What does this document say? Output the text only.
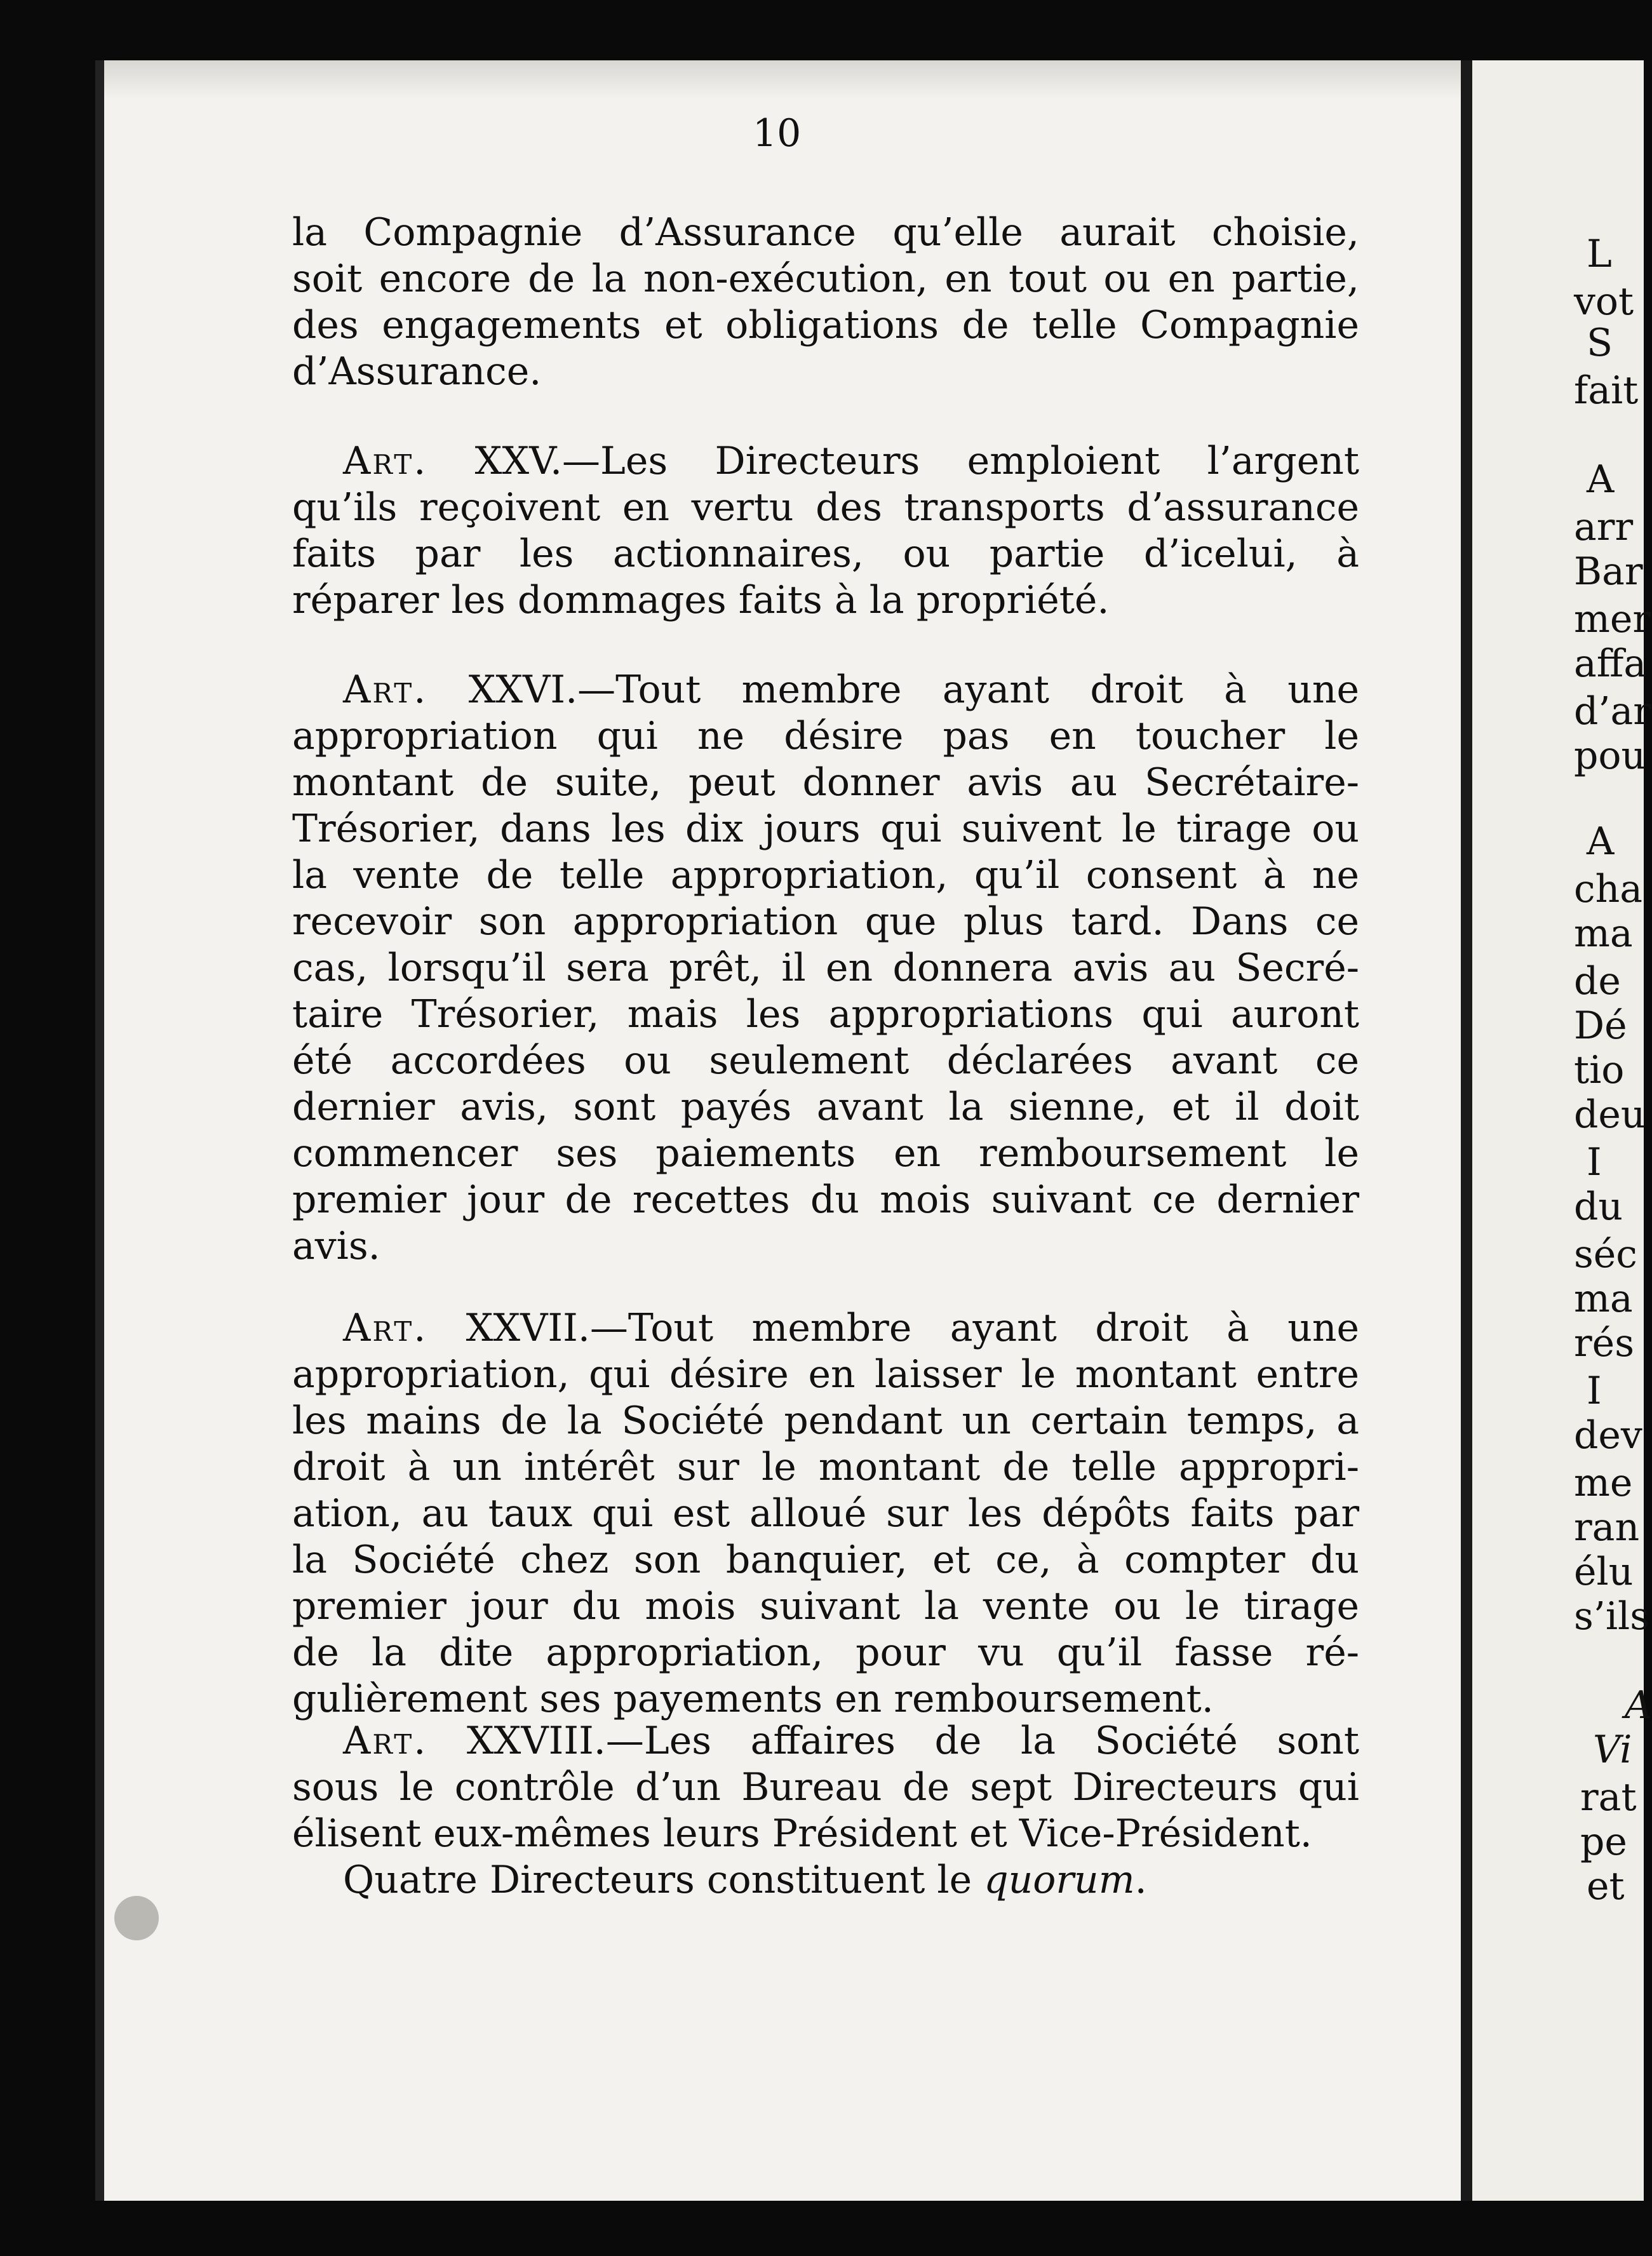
10
la Compagnie d’Assurance qu’elle aurait choisie,
soit encore de la non-exécution, en tout ou en partie,
des engagements et obligations de telle Compagnie
d’Assurance.
Art. XXV.—Les Directeurs emploient l’argent
qu’ils reçoivent en vertu des transports d’assurance
faits par les actionnaires, ou partie d’icelui, à
réparer les dommages faits à la propriété.
Art. XXVI.—Tout membre ayant droit à une
appropriation qui ne désire pas en toucher le
montant de suite, peut donner avis au Secrétaire-
Trésorier, dans les dix jours qui suivent le tirage ou
la vente de telle appropriation, qu’il consent à ne
recevoir son appropriation que plus tard. Dans ce
cas, lorsqu’il sera prêt, il en donnera avis au Secré-
taire Trésorier, mais les appropriations qui auront
été accordées ou seulement déclarées avant ce
dernier avis, sont payés avant la sienne, et il doit
commencer ses paiements en remboursement le
premier jour de recettes du mois suivant ce dernier
avis.
Art. XXVII.—Tout membre ayant droit à une
appropriation, qui désire en laisser le montant entre
les mains de la Société pendant un certain temps, a
droit à un intérêt sur le montant de telle appropri-
ation, au taux qui est alloué sur les dépôts faits par
la Société chez son banquier, et ce, à compter du
premier jour du mois suivant la vente ou le tirage
de la dite appropriation, pour vu qu’il fasse ré-
gulièrement ses payements en remboursement.
Art. XXVIII.—Les affaires de la Société sont
sous le contrôle d’un Bureau de sept Directeurs qui
élisent eux-mêmes leurs Président et Vice-Président.
Quatre Directeurs constituent le quorum.
L
vot
S
fait
A
arr
Bar
mer
affa
d’ar
pou
A
cha
ma
de
Dé
tio
deu
I
du
séc
ma
rés
I
dev
me
ran
élu
s’ils
A
Vi
rat
pe
et
